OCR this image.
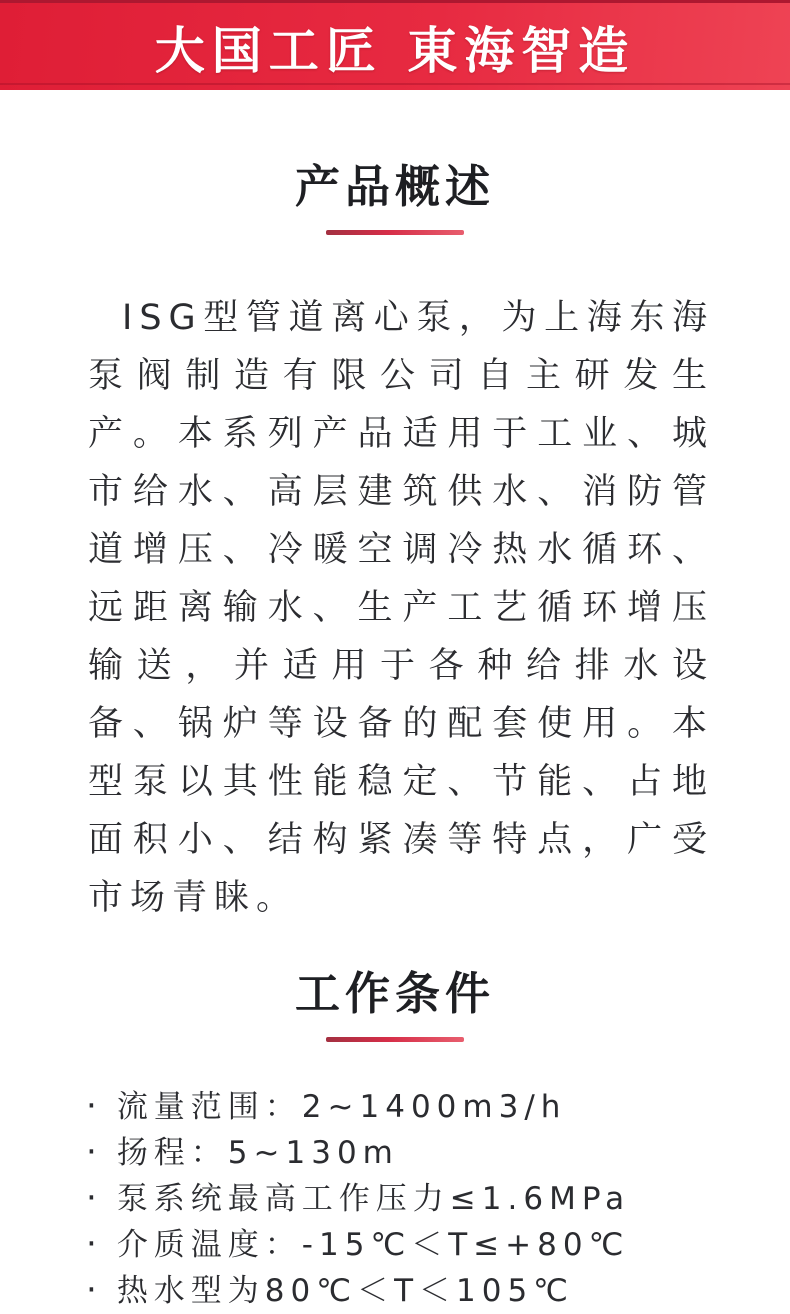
大国工匠 東海智造
产品概述

ISG型管道离心泵，为上海东海泵阀制造有限公司自主研发生产。本系列产品适用于工业、城市给水、高层建筑供水、消防管道增压、冷暖空调冷热水循环、远距离输水、生产工艺循环增压输送，并适用于各种给排水设备、锅炉等设备的配套使用。本型泵以其性能稳定、节能、占地面积小、结构紧凑等特点，广受市场青睐。

工作条件
· 流量范围：2~1400m3/h
· 扬程：5~130m
· 泵系统最高工作压力≤1.6MPa
· 介质温度：-15℃＜T≤+80℃
· 热水型为80℃＜T＜105℃
